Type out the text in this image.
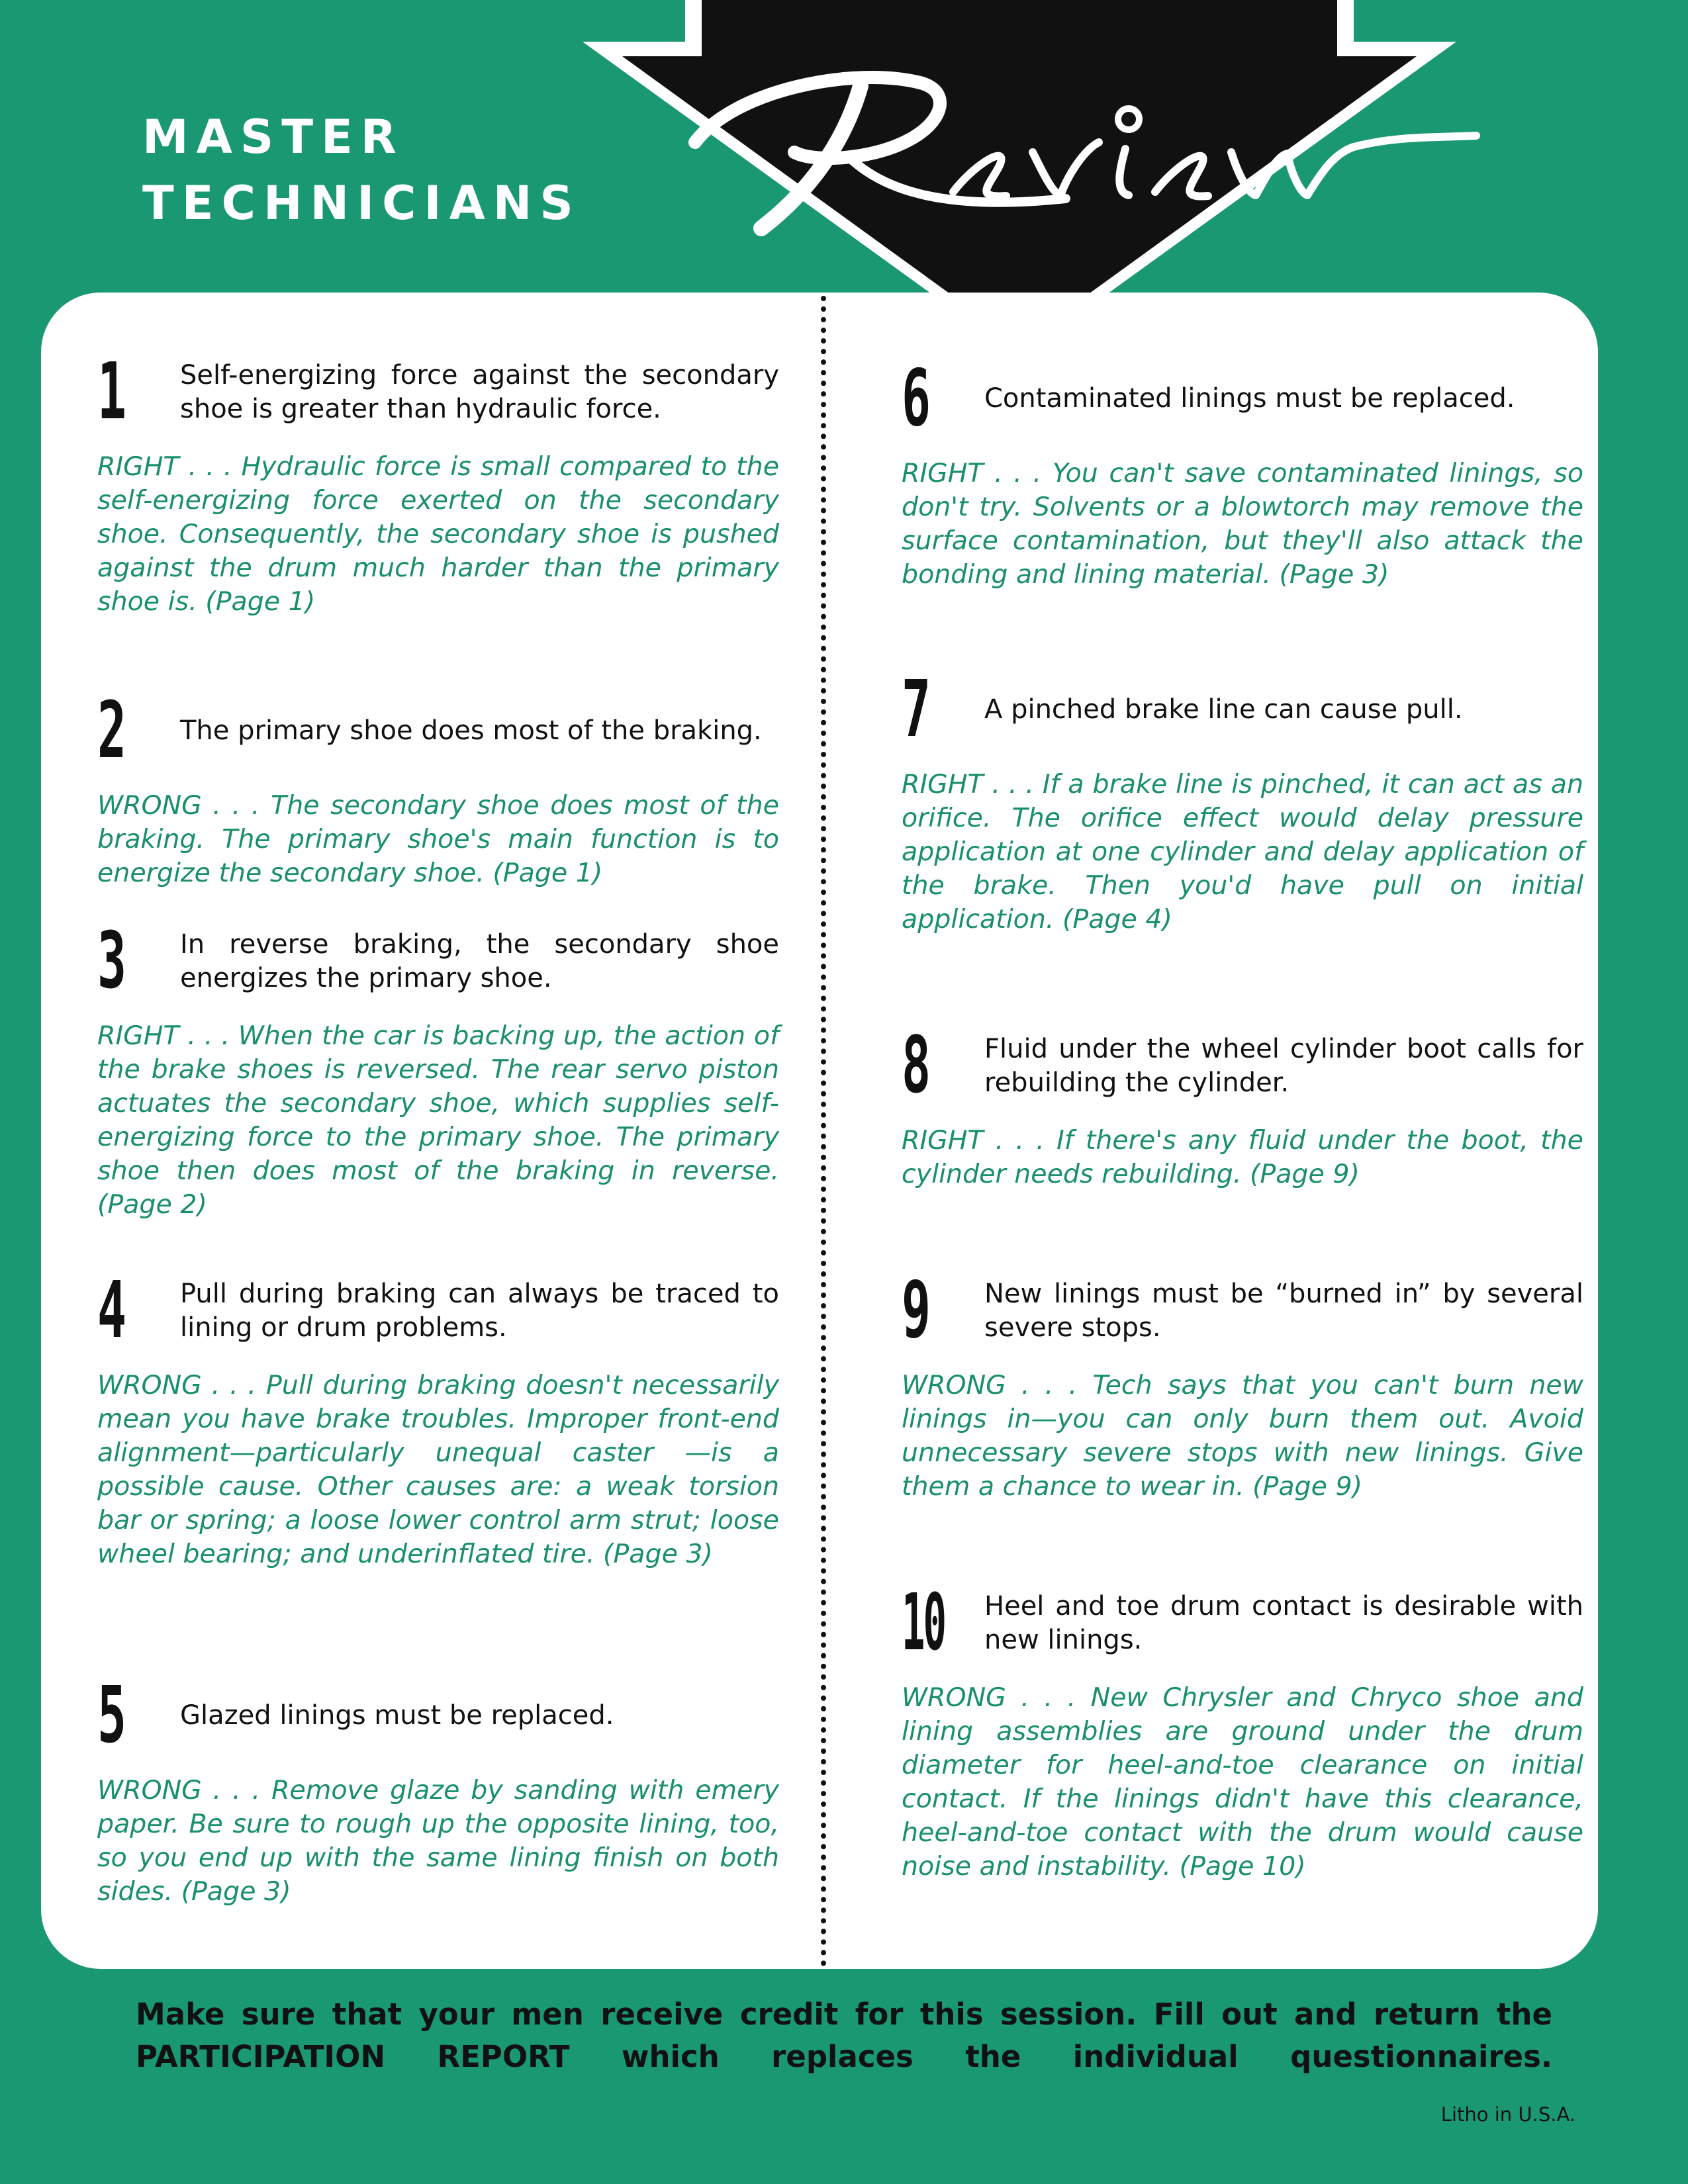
MASTER

TECHNICIANS

1 Self-energizing force against the secondary shoe is greater than hydraulic force.

RIGHT . . . Hydraulic force is small compared to the self-energizing force exerted on the secondary shoe. Consequently, the secondary shoe is pushed against the drum much harder than the primary shoe is. (Page 1)

2 The primary shoe does most of the braking.

WRONG . . . The secondary shoe does most of the braking. The primary shoe's main function is to energize the secondary shoe. (Page 1)

3 In reverse braking, the secondary shoe energizes the primary shoe.

RIGHT . . . When the car is backing up, the action of the brake shoes is reversed. The rear servo piston actuates the secondary shoe, which supplies self-energizing force to the primary shoe. The primary shoe then does most of the braking in reverse. (Page 2)

4 Pull during braking can always be traced to lining or drum problems.

WRONG . . . Pull during braking doesn't necessarily mean you have brake troubles. Improper front-end alignment—particularly unequal caster —is a possible cause. Other causes are: a weak torsion bar or spring; a loose lower control arm strut; loose wheel bearing; and underinflated tire. (Page 3)

5 Glazed linings must be replaced.

WRONG . . . Remove glaze by sanding with emery paper. Be sure to rough up the opposite lining, too, so you end up with the same lining finish on both sides. (Page 3)

6 Contaminated linings must be replaced.

RIGHT . . . You can't save contaminated linings, so don't try. Solvents or a blowtorch may remove the surface contamination, but they'll also attack the bonding and lining material. (Page 3)

7 A pinched brake line can cause pull.

RIGHT . . . If a brake line is pinched, it can act as an orifice. The orifice effect would delay pressure application at one cylinder and delay application of the brake. Then you'd have pull on initial application. (Page 4)

8 Fluid under the wheel cylinder boot calls for rebuilding the cylinder.

RIGHT . . . If there's any fluid under the boot, the cylinder needs rebuilding. (Page 9)

9 New linings must be “burned in” by several severe stops.

WRONG . . . Tech says that you can't burn new linings in—you can only burn them out. Avoid unnecessary severe stops with new linings. Give them a chance to wear in. (Page 9)

10 Heel and toe drum contact is desirable with new linings.

WRONG . . . New Chrysler and Chryco shoe and lining assemblies are ground under the drum diameter for heel-and-toe clearance on initial contact. If the linings didn't have this clearance, heel-and-toe contact with the drum would cause noise and instability. (Page 10)

Make sure that your men receive credit for this session. Fill out and return the PARTICIPATION REPORT which replaces the individual questionnaires.

Litho in U.S.A.
